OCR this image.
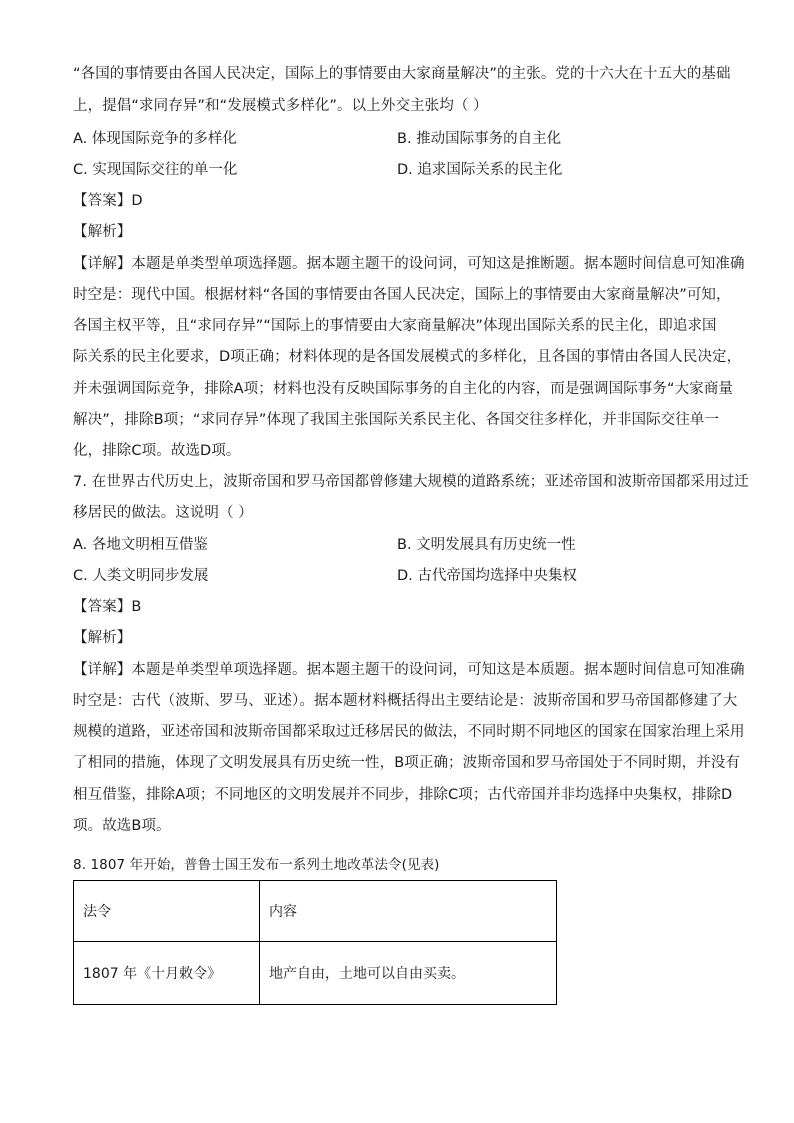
“各国的事情要由各国人民决定，国际上的事情要由大家商量解决”的主张。党的十六大在十五大的基础
上，提倡“求同存异”和“发展模式多样化”。以上外交主张均（ ）
A. 体现国际竞争的多样化	B. 推动国际事务的自主化
C. 实现国际交往的单一化	D. 追求国际关系的民主化
【答案】D
【解析】
【详解】本题是单类型单项选择题。据本题主题干的设问词，可知这是推断题。据本题时间信息可知准确
时空是：现代中国。根据材料“各国的事情要由各国人民决定，国际上的事情要由大家商量解决”可知，
各国主权平等，且“求同存异”“国际上的事情要由大家商量解决”体现出国际关系的民主化，即追求国
际关系的民主化要求，D项正确；材料体现的是各国发展模式的多样化，且各国的事情由各国人民决定，
并未强调国际竞争，排除A项；材料也没有反映国际事务的自主化的内容，而是强调国际事务“大家商量
解决”，排除B项；“求同存异”体现了我国主张国际关系民主化、各国交往多样化，并非国际交往单一
化，排除C项。故选D项。
7. 在世界古代历史上，波斯帝国和罗马帝国都曾修建大规模的道路系统；亚述帝国和波斯帝国都采用过迁
移居民的做法。这说明（ ）
A. 各地文明相互借鉴	B. 文明发展具有历史统一性
C. 人类文明同步发展	D. 古代帝国均选择中央集权
【答案】B
【解析】
【详解】本题是单类型单项选择题。据本题主题干的设问词，可知这是本质题。据本题时间信息可知准确
时空是：古代（波斯、罗马、亚述）。据本题材料概括得出主要结论是：波斯帝国和罗马帝国都修建了大
规模的道路，亚述帝国和波斯帝国都采取过迁移居民的做法，不同时期不同地区的国家在国家治理上采用
了相同的措施，体现了文明发展具有历史统一性，B项正确；波斯帝国和罗马帝国处于不同时期，并没有
相互借鉴，排除A项；不同地区的文明发展并不同步，排除C项；古代帝国并非均选择中央集权，排除D
项。故选B项。
8. 1807 年开始，普鲁士国王发布一系列土地改革法令(见表)
法令	内容
1807 年《十月敕令》	地产自由，土地可以自由买卖。
